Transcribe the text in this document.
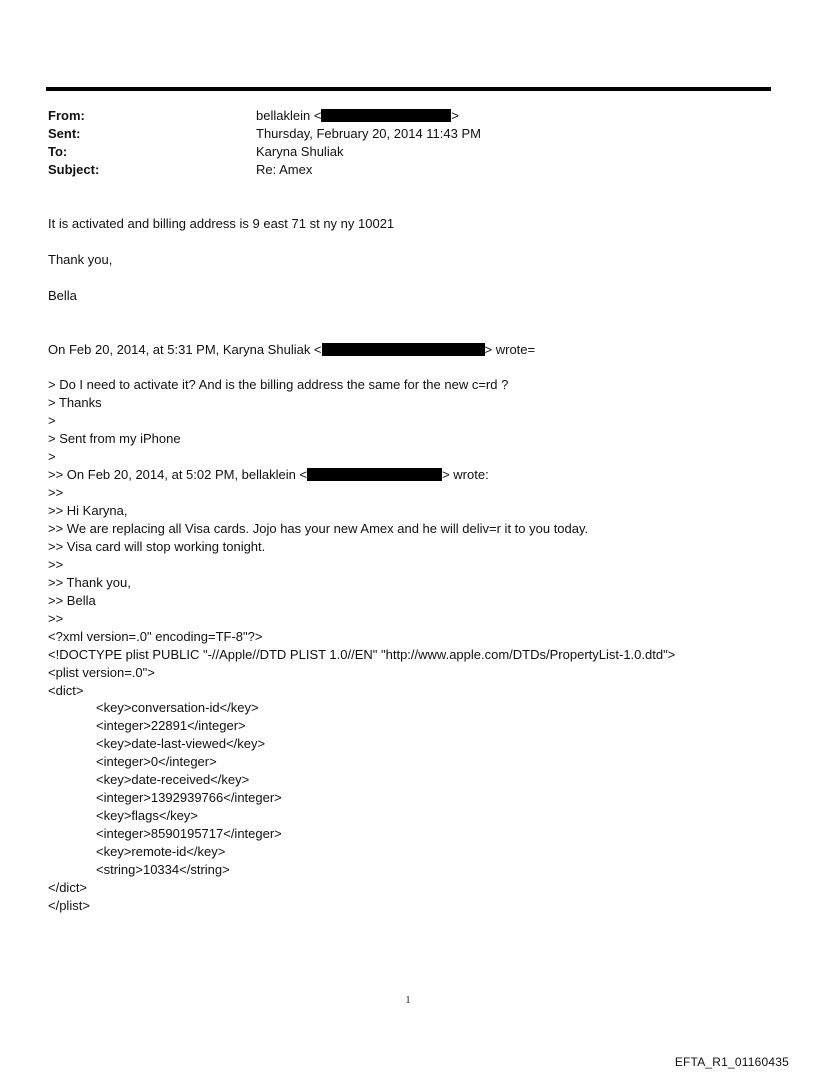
From:	bellaklein <	>
Sent:	Thursday, February 20, 2014 11:43 PM
To:	Karyna Shuliak
Subject:	Re: Amex
It is activated and billing address is 9 east 71 st ny ny 10021
Thank you,
Bella
On Feb 20, 2014, at 5:31 PM, Karyna Shuliak <	> wrote=
> Do I need to activate it? And is the billing address the same for the new c=rd ?
> Thanks
>
> Sent from my iPhone
>
>> On Feb 20, 2014, at 5:02 PM, bellaklein <	> wrote:
>>
>> Hi Karyna,
>> We are replacing all Visa cards. Jojo has your new Amex and he will deliv=r it to you today.
>> Visa card will stop working tonight.
>>
>> Thank you,
>> Bella
>>
<?xml version=.0" encoding=TF-8"?>
<!DOCTYPE plist PUBLIC "-//Apple//DTD PLIST 1.0//EN" "http://www.apple.com/DTDs/PropertyList-1.0.dtd">
<plist version=.0">
<dict>
<key>conversation-id</key>
<integer>22891</integer>
<key>date-last-viewed</key>
<integer>0</integer>
<key>date-received</key>
<integer>1392939766</integer>
<key>flags</key>
<integer>8590195717</integer>
<key>remote-id</key>
<string>10334</string>
</dict>
</plist>
1
EFTA_R1_01160435
